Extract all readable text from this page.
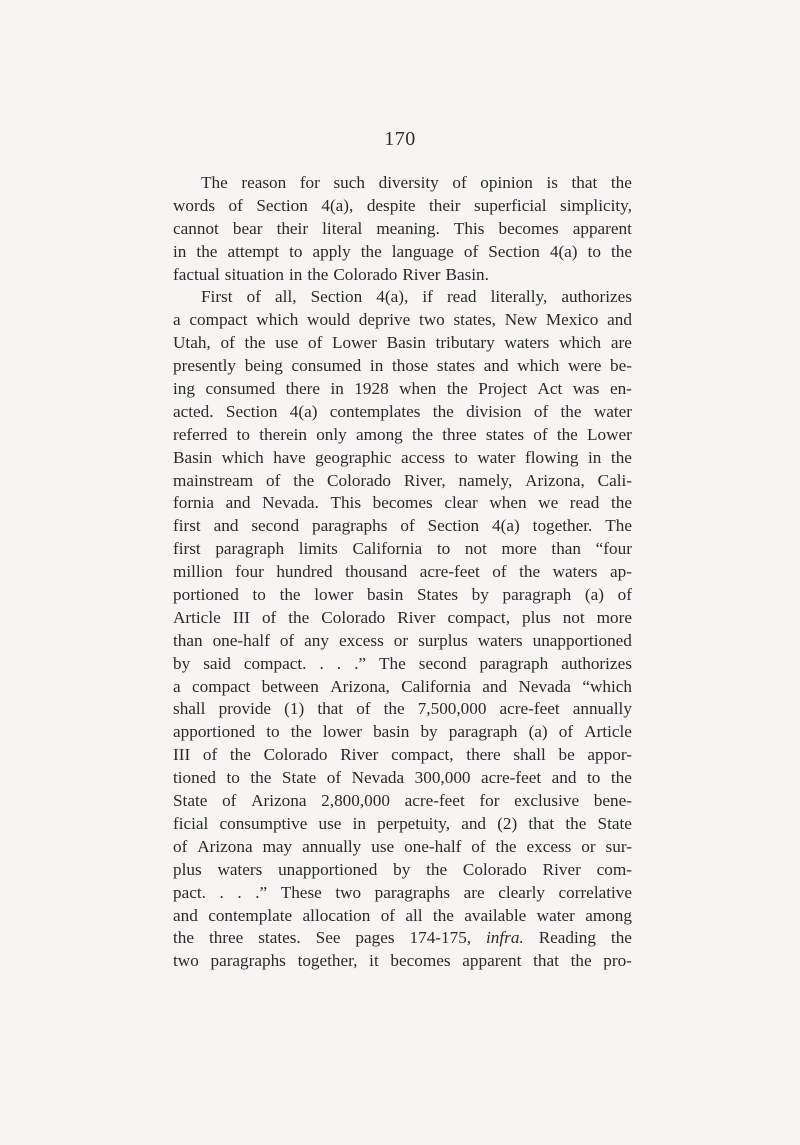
170
The reason for such diversity of opinion is that the
words of Section 4(a), despite their superficial simplicity,
cannot bear their literal meaning. This becomes apparent
in the attempt to apply the language of Section 4(a) to the
factual situation in the Colorado River Basin.
First of all, Section 4(a), if read literally, authorizes
a compact which would deprive two states, New Mexico and
Utah, of the use of Lower Basin tributary waters which are
presently being consumed in those states and which were be-
ing consumed there in 1928 when the Project Act was en-
acted. Section 4(a) contemplates the division of the water
referred to therein only among the three states of the Lower
Basin which have geographic access to water flowing in the
mainstream of the Colorado River, namely, Arizona, Cali-
fornia and Nevada. This becomes clear when we read the
first and second paragraphs of Section 4(a) together. The
first paragraph limits California to not more than “four
million four hundred thousand acre-feet of the waters ap-
portioned to the lower basin States by paragraph (a) of
Article III of the Colorado River compact, plus not more
than one-half of any excess or surplus waters unapportioned
by said compact. . . .” The second paragraph authorizes
a compact between Arizona, California and Nevada “which
shall provide (1) that of the 7,500,000 acre-feet annually
apportioned to the lower basin by paragraph (a) of Article
III of the Colorado River compact, there shall be appor-
tioned to the State of Nevada 300,000 acre-feet and to the
State of Arizona 2,800,000 acre-feet for exclusive bene-
ficial consumptive use in perpetuity, and (2) that the State
of Arizona may annually use one-half of the excess or sur-
plus waters unapportioned by the Colorado River com-
pact. . . .” These two paragraphs are clearly correlative
and contemplate allocation of all the available water among
the three states. See pages 174-175, infra. Reading the
two paragraphs together, it becomes apparent that the pro-
